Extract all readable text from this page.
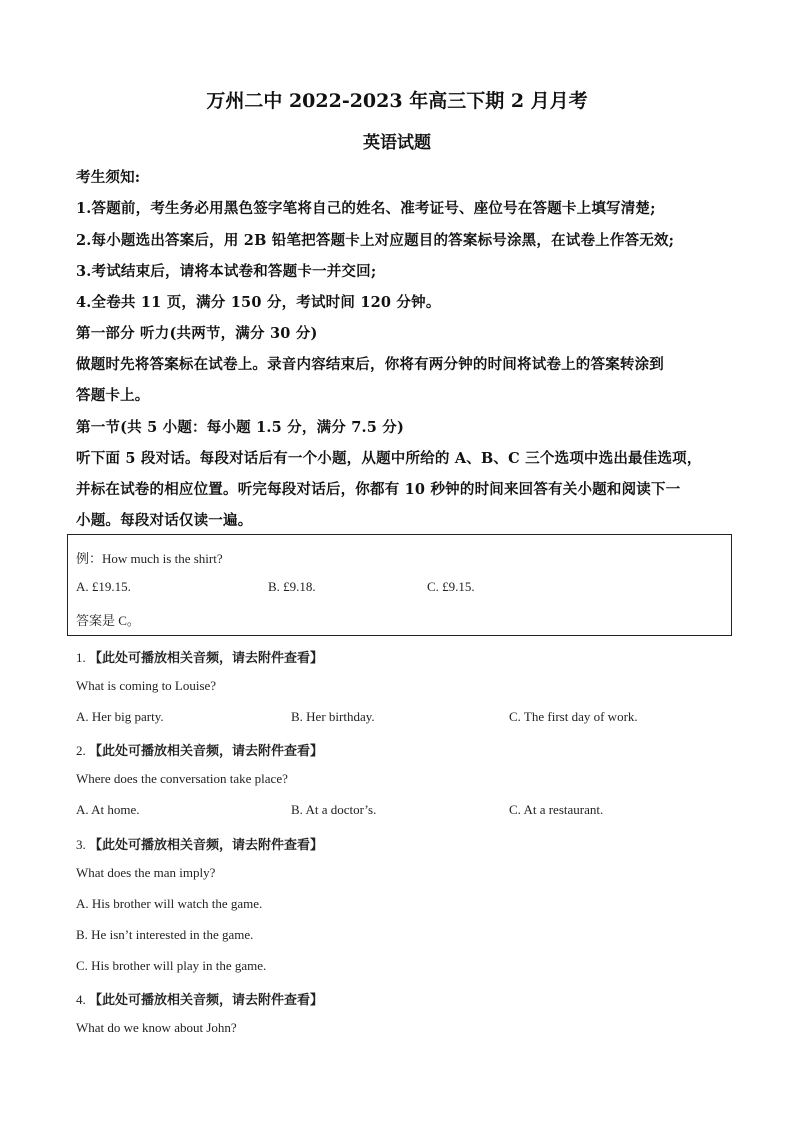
万州二中 2022-2023 年高三下期 2 月月考
英语试题
考生须知:
1.答题前，考生务必用黑色签字笔将自己的姓名、准考证号、座位号在答题卡上填写清楚;
2.每小题选出答案后，用 2B 铅笔把答题卡上对应题目的答案标号涂黑，在试卷上作答无效;
3.考试结束后，请将本试卷和答题卡一并交回;
4.全卷共 11 页，满分 150 分，考试时间 120 分钟。
第一部分 听力(共两节，满分 30 分)
做题时先将答案标在试卷上。录音内容结束后，你将有两分钟的时间将试卷上的答案转涂到
答题卡上。
第一节(共 5 小题：每小题 1.5 分，满分 7.5 分)
听下面 5 段对话。每段对话后有一个小题，从题中所给的 A、B、C 三个选项中选出最佳选项，
并标在试卷的相应位置。听完每段对话后，你都有 10 秒钟的时间来回答有关小题和阅读下一
小题。每段对话仅读一遍。
例：How much is the shirt?
A. £19.15.	B. £9.18.	C. £9.15.
答案是 C。
1. 【此处可播放相关音频，请去附件查看】
What is coming to Louise?
A. Her big party.	B. Her birthday.	C. The first day of work.
2. 【此处可播放相关音频，请去附件查看】
Where does the conversation take place?
A. At home.	B. At a doctor’s.	C. At a restaurant.
3. 【此处可播放相关音频，请去附件查看】
What does the man imply?
A. His brother will watch the game.
B. He isn’t interested in the game.
C. His brother will play in the game.
4. 【此处可播放相关音频，请去附件查看】
What do we know about John?
